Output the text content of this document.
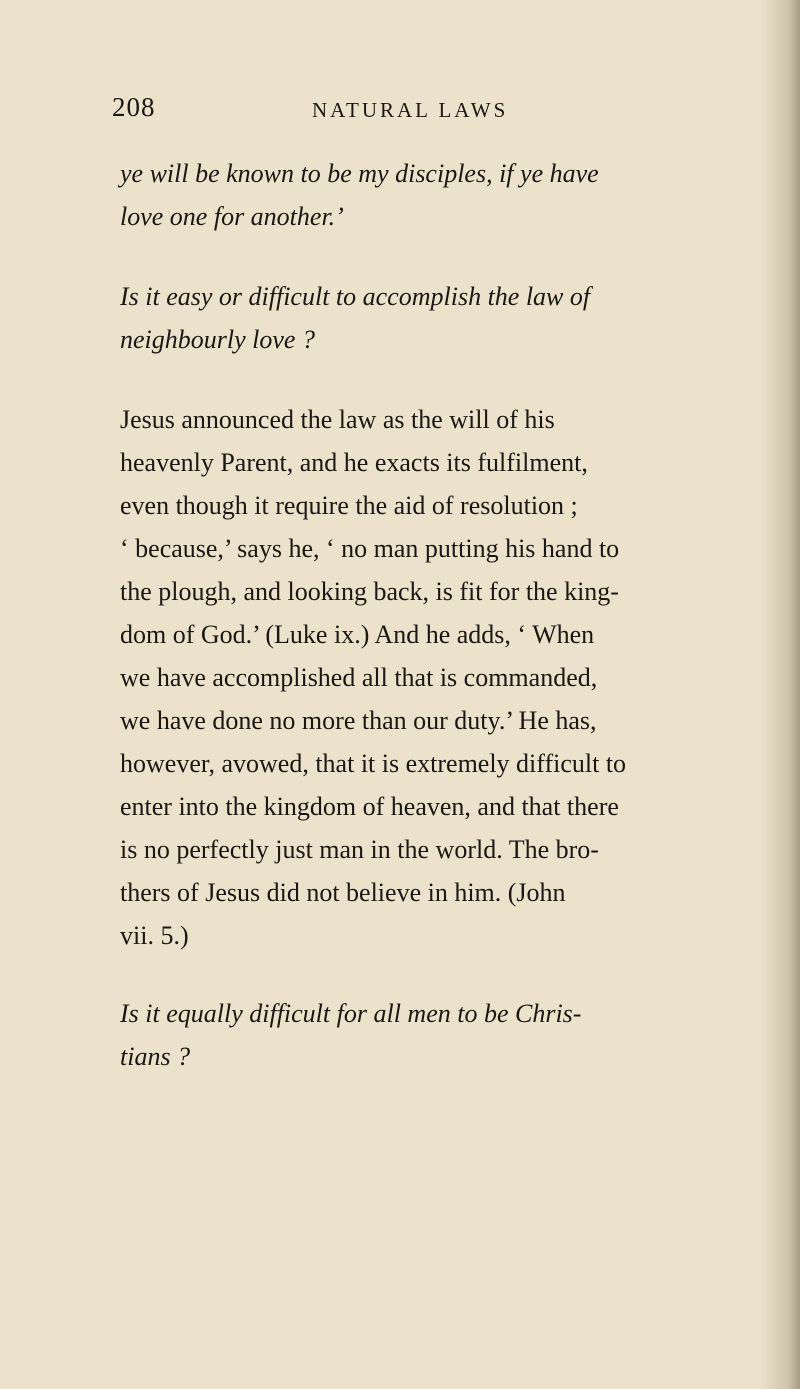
208	NATURAL LAWS
ye will be known to be my disciples, if ye have
love one for another.’
Is it easy or difficult to accomplish the law of
neighbourly love ?
Jesus announced the law as the will of his
heavenly Parent, and he exacts its fulfilment,
even though it require the aid of resolution ;
‘ because,’ says he, ‘ no man putting his hand to
the plough, and looking back, is fit for the king-
dom of God.’ (Luke ix.) And he adds, ‘ When
we have accomplished all that is commanded,
we have done no more than our duty.’ He has,
however, avowed, that it is extremely difficult to
enter into the kingdom of heaven, and that there
is no perfectly just man in the world. The bro-
thers of Jesus did not believe in him. (John
vii. 5.)
Is it equally difficult for all men to be Chris-
tians ?
